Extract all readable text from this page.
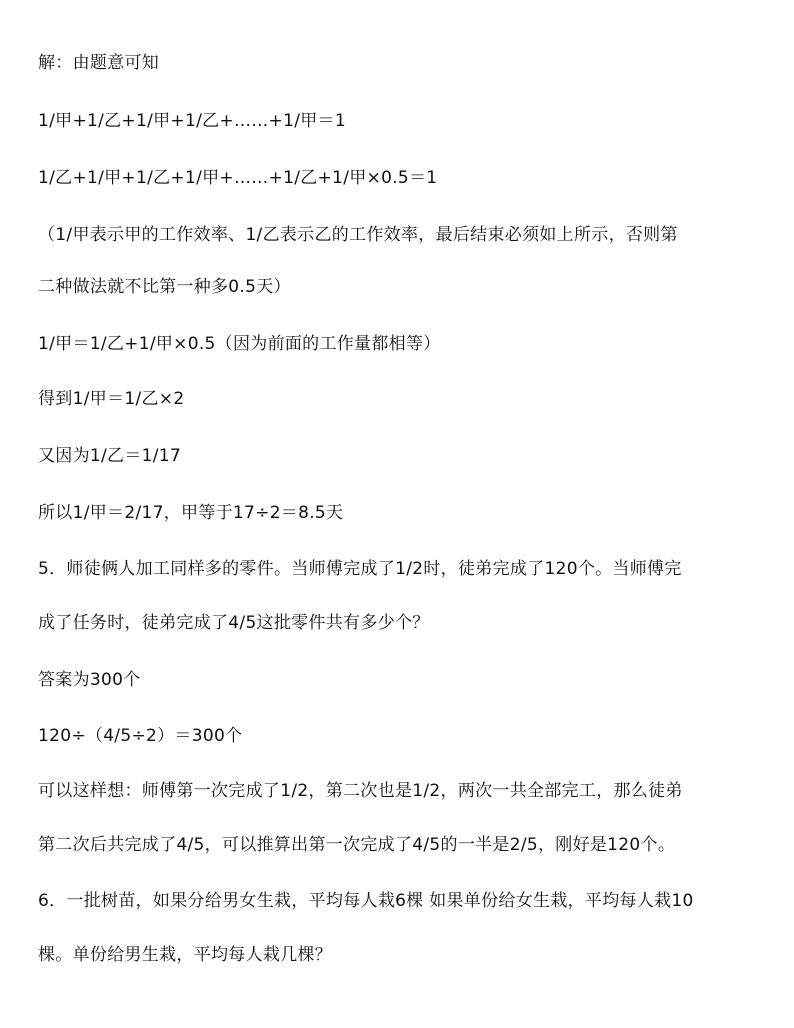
解：由题意可知
1/甲+1/乙+1/甲+1/乙+……+1/甲＝1
1/乙+1/甲+1/乙+1/甲+……+1/乙+1/甲×0.5＝1
（1/甲表示甲的工作效率、1/乙表示乙的工作效率，最后结束必须如上所示，否则第
二种做法就不比第一种多0.5天）
1/甲＝1/乙+1/甲×0.5（因为前面的工作量都相等）
得到1/甲＝1/乙×2
又因为1/乙＝1/17
所以1/甲＝2/17，甲等于17÷2＝8.5天
5．师徒俩人加工同样多的零件。当师傅完成了1/2时，徒弟完成了120个。当师傅完
成了任务时，徒弟完成了4/5这批零件共有多少个？
答案为300个
120÷（4/5÷2）＝300个
可以这样想：师傅第一次完成了1/2，第二次也是1/2，两次一共全部完工，那么徒弟
第二次后共完成了4/5，可以推算出第一次完成了4/5的一半是2/5，刚好是120个。
6．一批树苗，如果分给男女生栽，平均每人栽6棵 如果单份给女生栽，平均每人栽10
棵。单份给男生栽，平均每人栽几棵？
